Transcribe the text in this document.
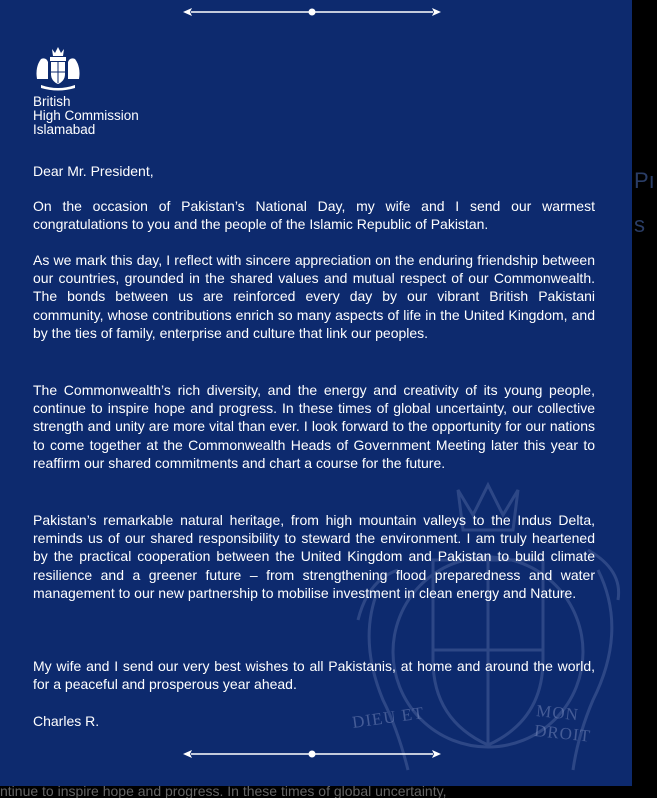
British
High Commission
Islamabad

Dear Mr. President,

On the occasion of Pakistan’s National Day, my wife and I send our warmest congratulations to you and the people of the Islamic Republic of Pakistan.

As we mark this day, I reflect with sincere appreciation on the enduring friendship between our countries, grounded in the shared values and mutual respect of our Commonwealth. The bonds between us are reinforced every day by our vibrant British Pakistani community, whose contributions enrich so many aspects of life in the United Kingdom, and by the ties of family, enterprise and culture that link our peoples.

The Commonwealth’s rich diversity, and the energy and creativity of its young people, continue to inspire hope and progress. In these times of global uncertainty, our collective strength and unity are more vital than ever. I look forward to the opportunity for our nations to come together at the Commonwealth Heads of Government Meeting later this year to reaffirm our shared commitments and chart a course for the future.

Pakistan’s remarkable natural heritage, from high mountain valleys to the Indus Delta, reminds us of our shared responsibility to steward the environment. I am truly heartened by the practical cooperation between the United Kingdom and Pakistan to build climate resilience and a greener future – from strengthening flood preparedness and water management to our new partnership to mobilise investment in clean energy and Nature.

My wife and I send our very best wishes to all Pakistanis, at home and around the world, for a peaceful and prosperous year ahead.

Charles R.	DIEU ET	MON DROIT
Pı
s
ntinue to inspire hope and progress. In these times of global uncertainty,
